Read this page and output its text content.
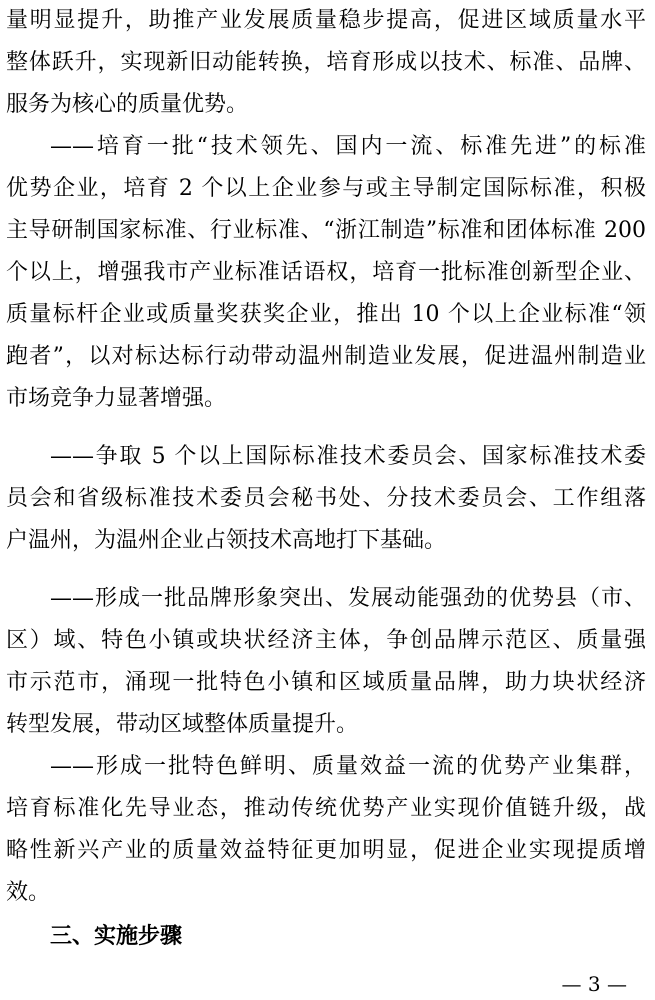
量明显提升，助推产业发展质量稳步提高，促进区域质量水平
整体跃升，实现新旧动能转换，培育形成以技术、标准、品牌、
服务为核心的质量优势。
——培育一批“技术领先、国内一流、标准先进”的标准
优势企业，培育 2 个以上企业参与或主导制定国际标准，积极
主导研制国家标准、行业标准、“浙江制造”标准和团体标准 200
个以上，增强我市产业标准话语权，培育一批标准创新型企业、
质量标杆企业或质量奖获奖企业，推出 10 个以上企业标准“领
跑者”，以对标达标行动带动温州制造业发展，促进温州制造业
市场竞争力显著增强。
——争取 5 个以上国际标准技术委员会、国家标准技术委
员会和省级标准技术委员会秘书处、分技术委员会、工作组落
户温州，为温州企业占领技术高地打下基础。
——形成一批品牌形象突出、发展动能强劲的优势县（市、
区）域、特色小镇或块状经济主体，争创品牌示范区、质量强
市示范市，涌现一批特色小镇和区域质量品牌，助力块状经济
转型发展，带动区域整体质量提升。
——形成一批特色鲜明、质量效益一流的优势产业集群，
培育标准化先导业态，推动传统优势产业实现价值链升级，战
略性新兴产业的质量效益特征更加明显，促进企业实现提质增
效。
三、实施步骤
— 3 —
